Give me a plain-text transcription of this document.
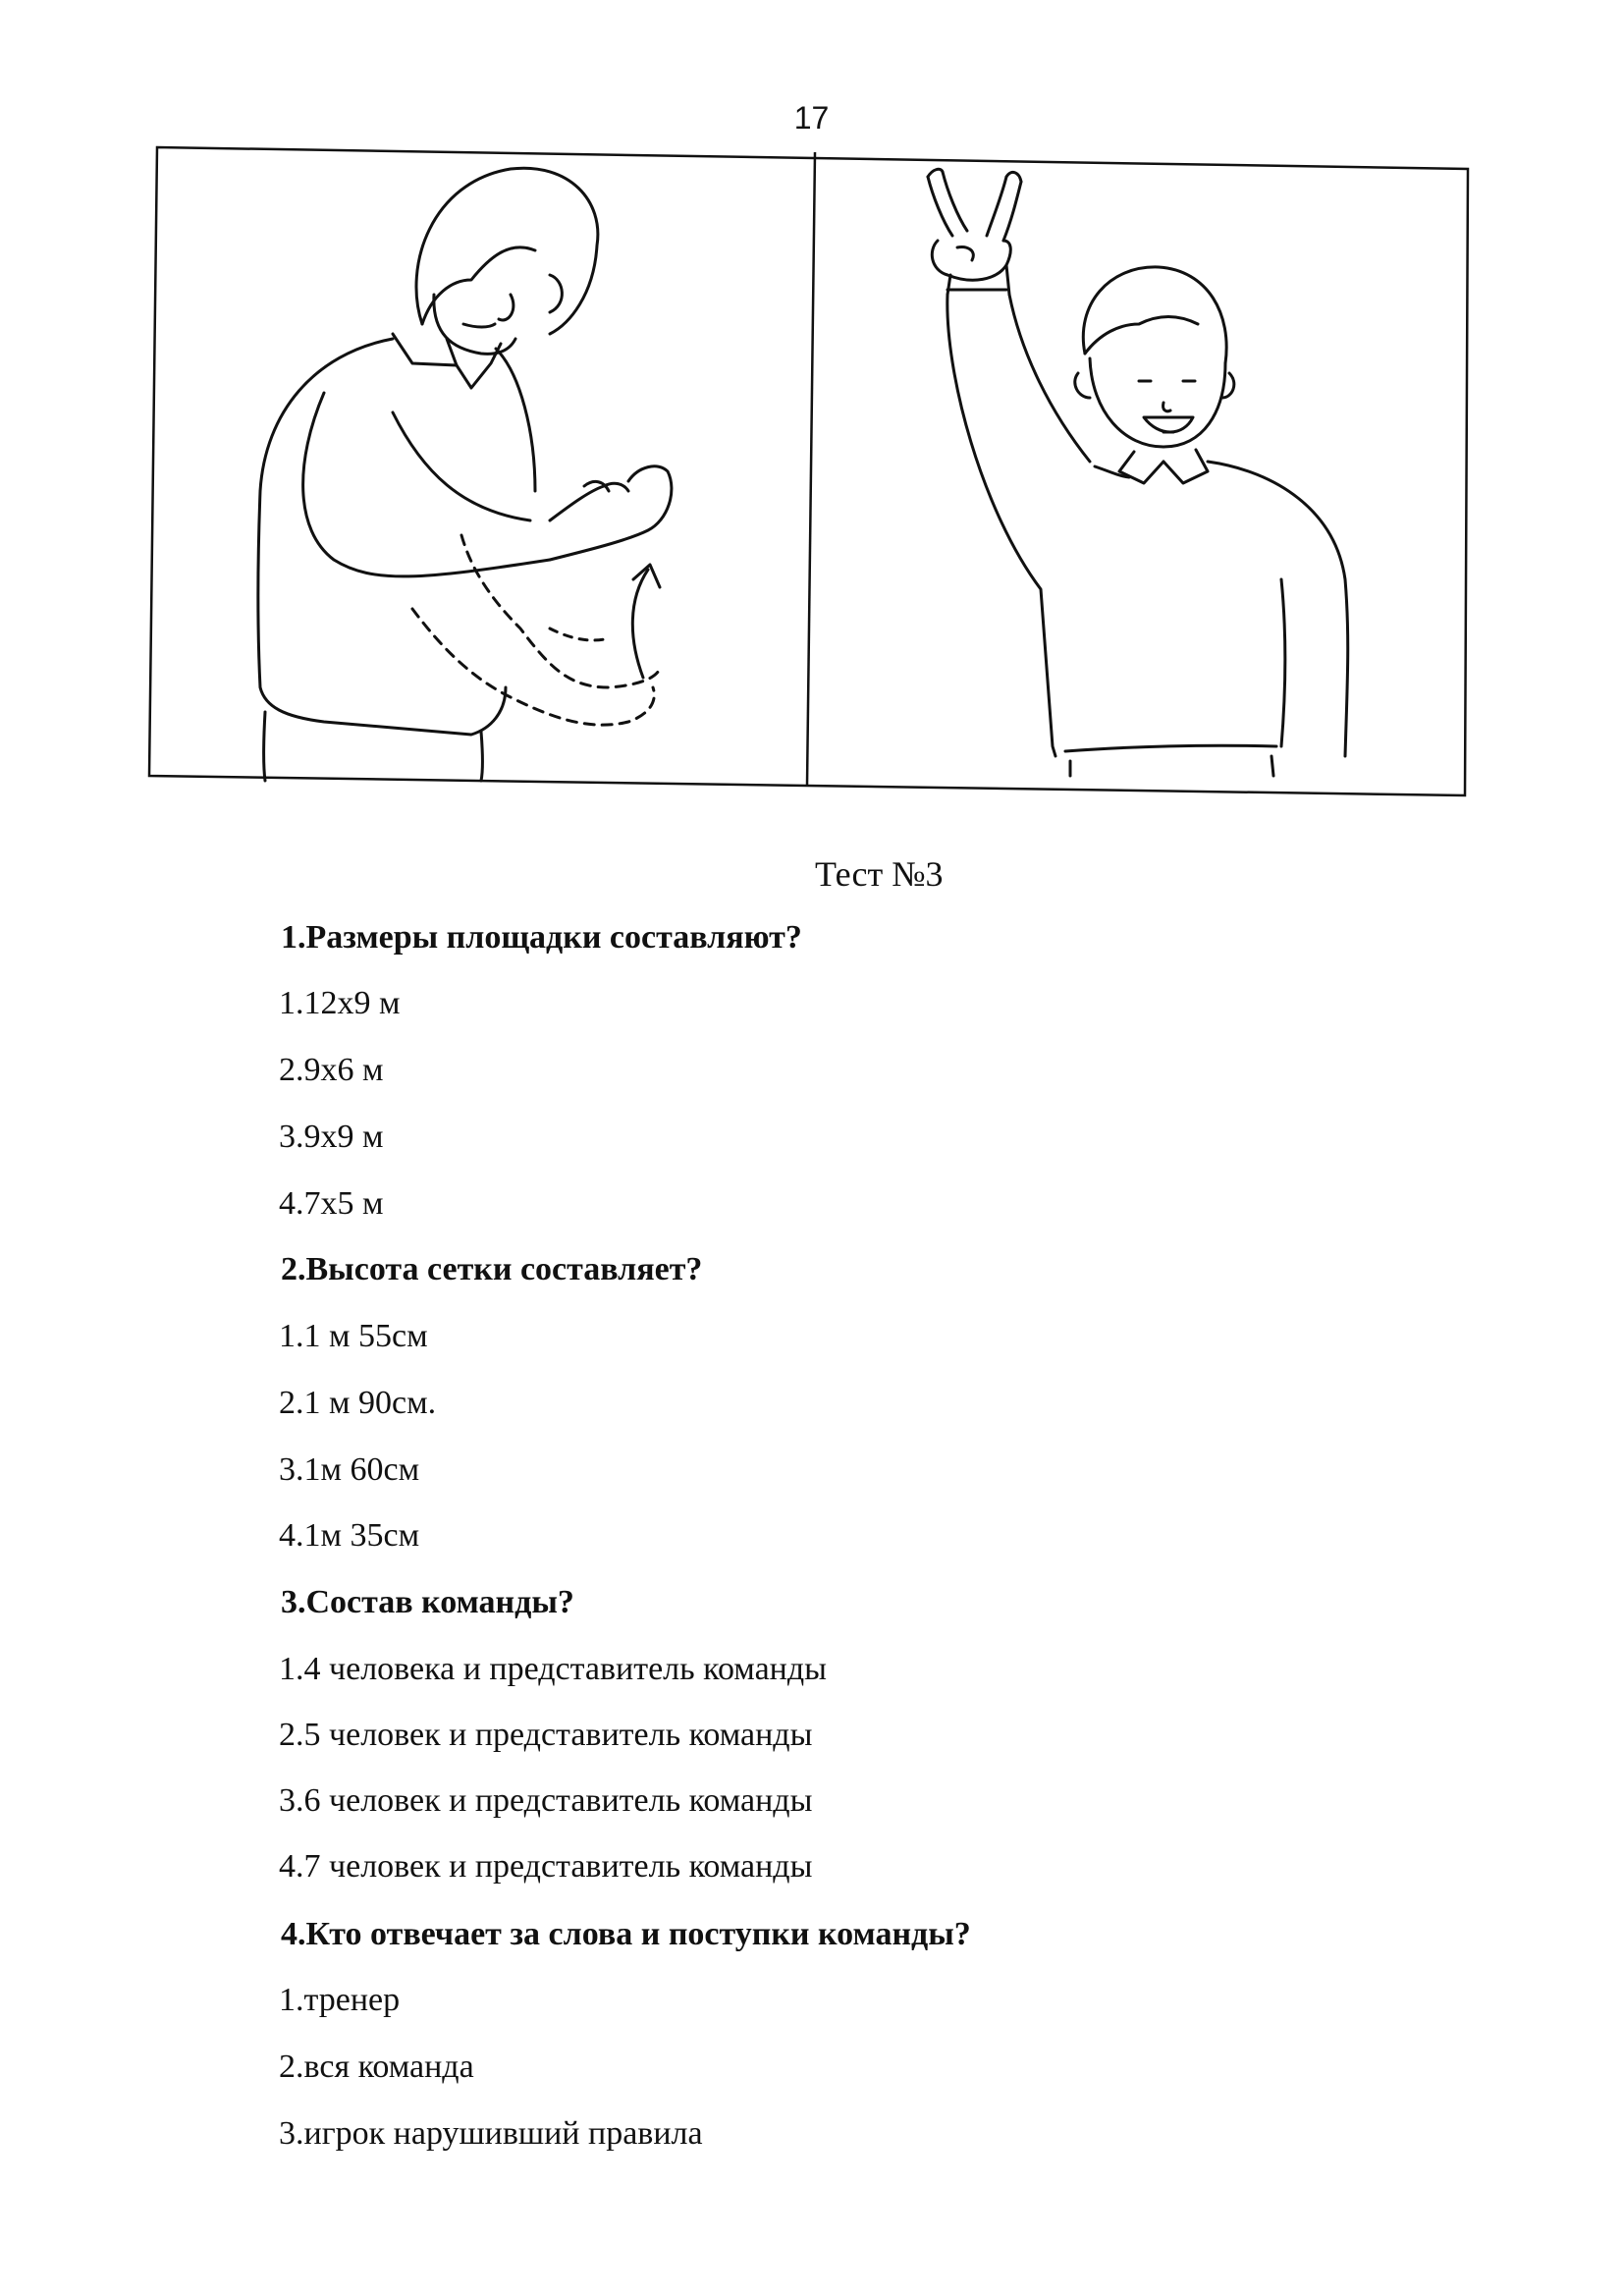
17
Тест №3
1.Размеры площадки составляют?
1.12х9 м
2.9х6 м
3.9х9 м
4.7х5 м
2.Высота сетки составляет?
1.1 м 55см
2.1 м 90см.
3.1м 60см
4.1м 35см
3.Состав команды?
1.4 человека и представитель команды
2.5 человек и представитель команды
3.6 человек и представитель команды
4.7 человек и представитель команды
4.Кто отвечает за слова и поступки команды?
1.тренер
2.вся команда
3.игрок нарушивший правила
